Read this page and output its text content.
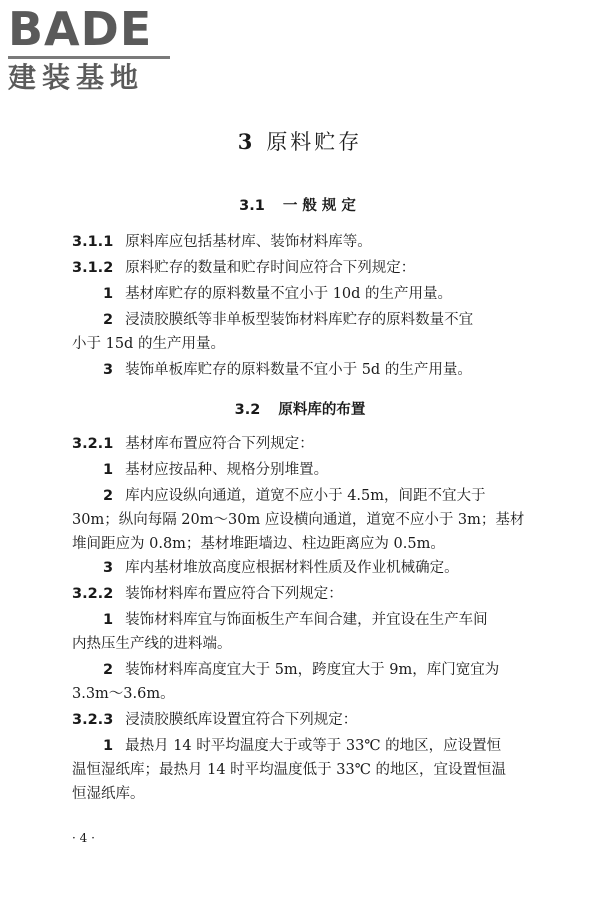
BADE
建装基地
3 原料贮存
3.1 一般规定
3.1.1 原料库应包括基材库、装饰材料库等。
3.1.2 原料贮存的数量和贮存时间应符合下列规定：
1 基材库贮存的原料数量不宜小于 10d 的生产用量。
2 浸渍胶膜纸等非单板型装饰材料库贮存的原料数量不宜
小于 15d 的生产用量。
3 装饰单板库贮存的原料数量不宜小于 5d 的生产用量。
3.2 原料库的布置
3.2.1 基材库布置应符合下列规定：
1 基材应按品种、规格分别堆置。
2 库内应设纵向通道，道宽不应小于 4.5m，间距不宜大于
30m；纵向每隔 20m～30m 应设横向通道，道宽不应小于 3m；基材
堆间距应为 0.8m；基材堆距墙边、柱边距离应为 0.5m。
3 库内基材堆放高度应根据材料性质及作业机械确定。
3.2.2 装饰材料库布置应符合下列规定：
1 装饰材料库宜与饰面板生产车间合建，并宜设在生产车间
内热压生产线的进料端。
2 装饰材料库高度宜大于 5m，跨度宜大于 9m，库门宽宜为
3.3m～3.6m。
3.2.3 浸渍胶膜纸库设置宜符合下列规定：
1 最热月 14 时平均温度大于或等于 33℃ 的地区，应设置恒
温恒湿纸库；最热月 14 时平均温度低于 33℃ 的地区，宜设置恒温
恒湿纸库。
· 4 ·
